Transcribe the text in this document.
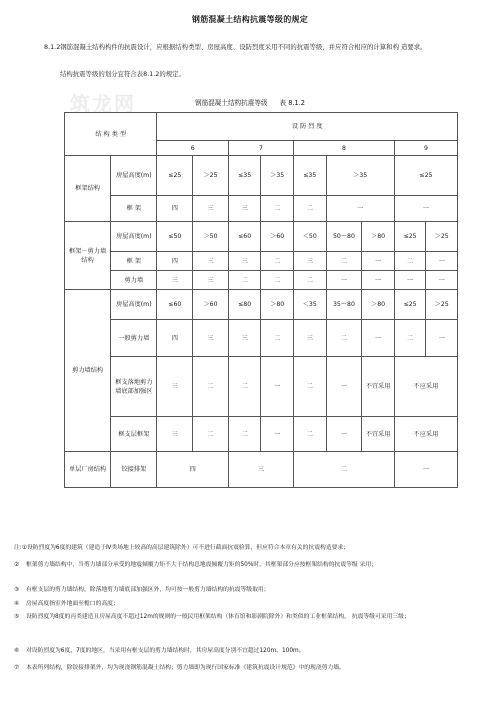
钢筋混凝土结构抗震等级的规定
8.1.2钢筋混凝土结构构件的抗震设计，应根据结构类型、房屋高度、设防烈度采用不同的抗震等级，并应符合相应的计算和构 造要求。
结构抗震等级的划分宜符合表8.1.2的规定。
筑龙网	钢筋混凝土结构抗震等级 表 8.1.2
结 构 类 型		设 防 烈 度								
		6		7		8			9	
框架结构	房屋高度(m)	≤25	＞25	≤35	＞35	≤35	＞35		≤25	
	框 架	四	三	三	二	二	一		一	
框架－剪力墙结构	房屋高度(m)	≤50	＞50	≤60	＞60	＜50	50～80	＞80	≤25	＞25
	框 架	四	三	三	二	三	二	一	二	一
	剪力墙	三	三	二	二	二	一	一	一	一
剪力墙结构	房屋高度(m)	≤60	＞60	≤80	＞80	＜35	35～80	＞80	≤25	＞25
	一般剪力墙	四	三	三	二	三	二	一	二	一
	框支落地剪力墙底部加强区	三	二	二	一	二	一	不宜采用	不应采用	
	框支层框架	三	二	二	一	二	一	不宜采用	不应采用	
单层厂房结构	铰接排架	四		三		二			一	
注:①设防烈度为6度的建筑（建造于Ⅳ类场地上较高的高层建筑除外）可不进行截面抗震验算，但应符合本章有关的抗震构造要求；
② 框架剪力墙结构中，当剪力墙部分承受的地震倾覆力矩不大于结构总地震倾覆力矩的50%时，其框架部分应按框架结构的抗震等级 采用；
③ 有框支层的剪力墙结构，除落地剪力墙底部加强区外，均可按一般剪力墙结构的抗震等级取用；
④ 房屋高度指室外地面至檐口的高度；
⑤ 设防烈度为8度的丙类建造且房屋高度不超过12m的规则的一般民用框架结构（体育馆和影剧院除外）和类似的工业框架结构， 抗震等级可采用三级；
⑥ 对设防烈度为6度、7度的地区，当采用有框支层的剪力墙结构时，其房屋高度分别不宜超过120m、100m。
⑦ 本表所列结构，除铰接排架外，均为现浇钢筋混凝土结构；剪力墙即为现行国家标准《建筑抗震设计规范》中的现浇剪力墙。
